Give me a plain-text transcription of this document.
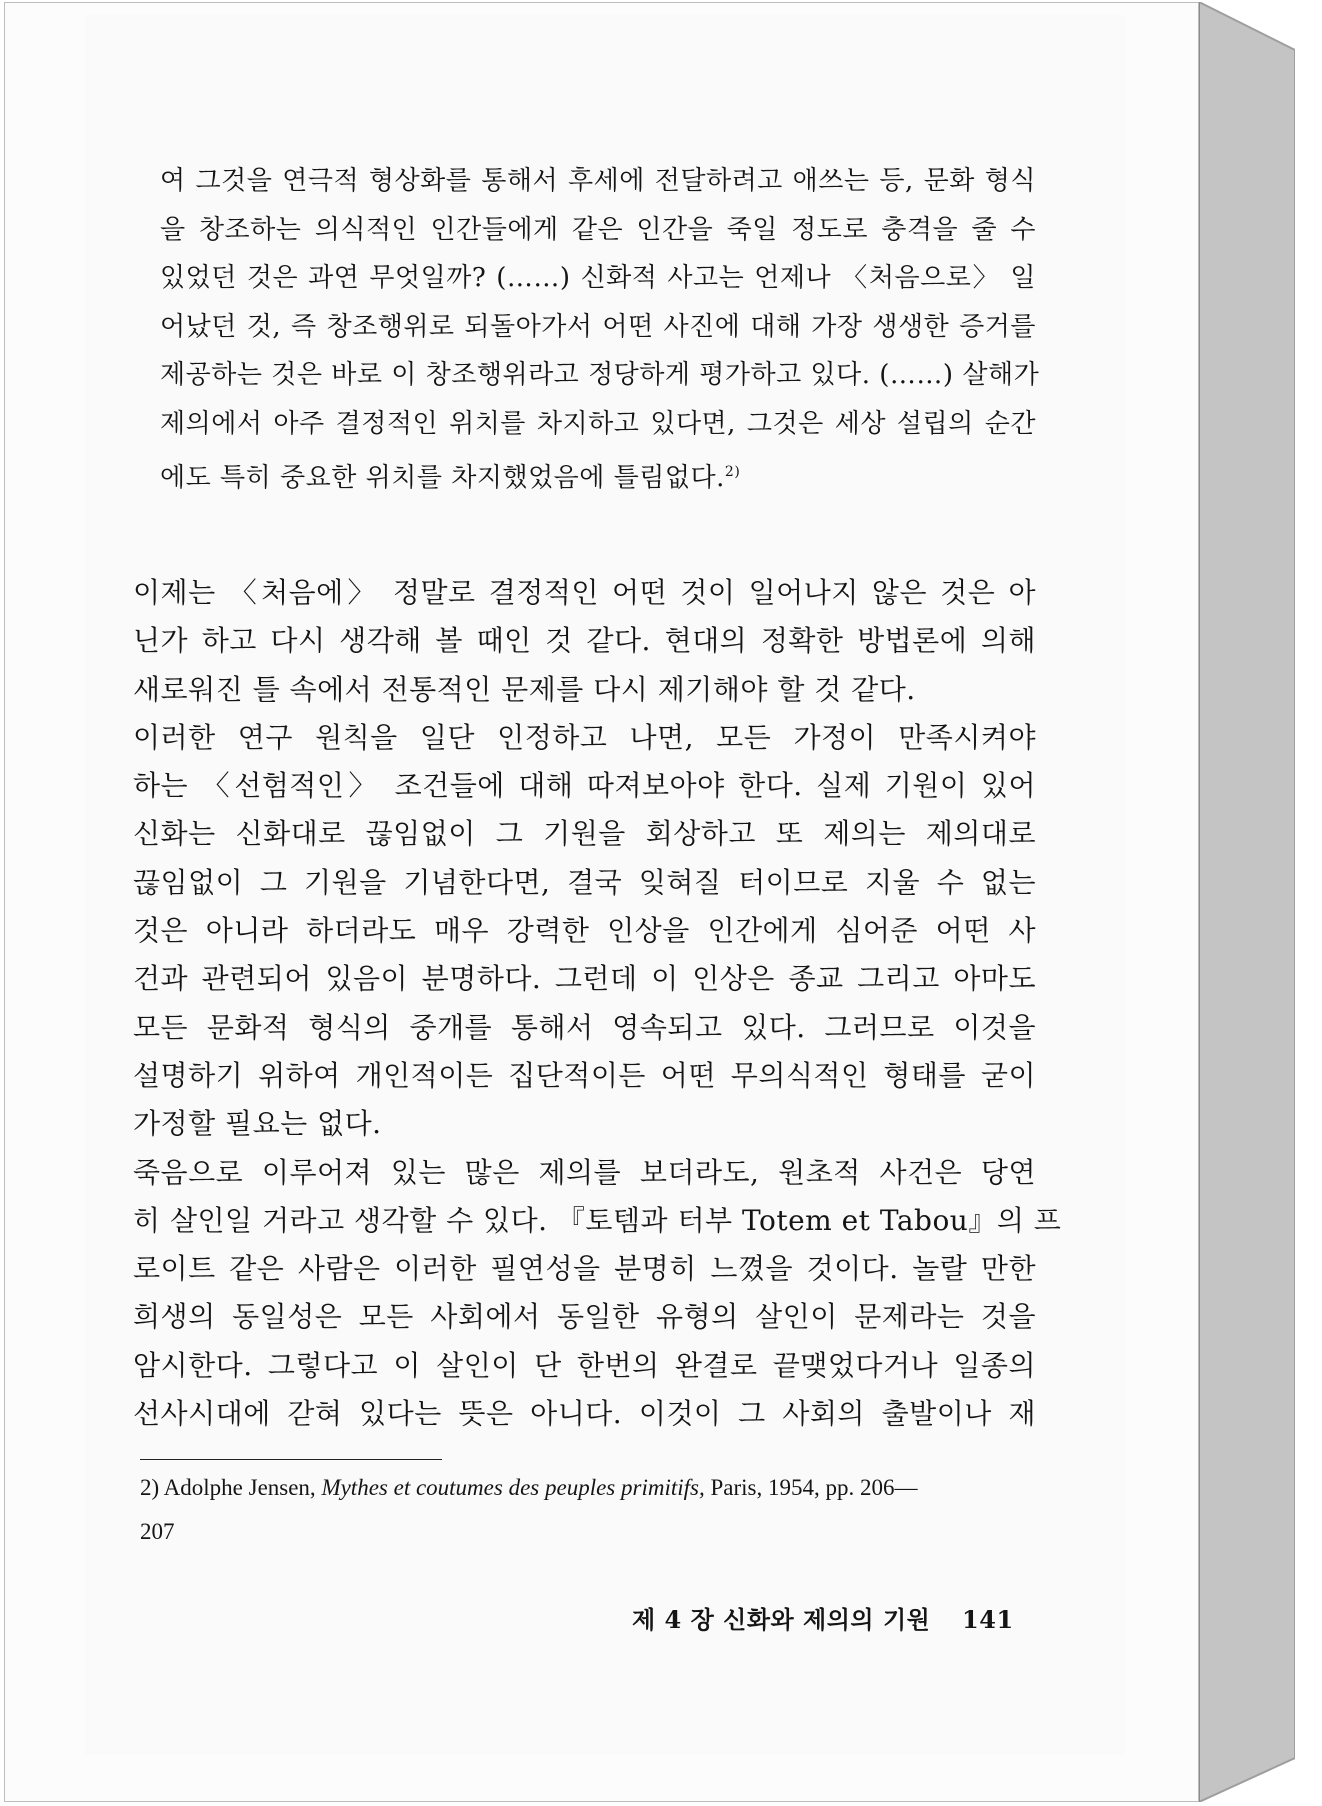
여 그것을 연극적 형상화를 통해서 후세에 전달하려고 애쓰는 등, 문화 형식
을 창조하는 의식적인 인간들에게 같은 인간을 죽일 정도로 충격을 줄 수
있었던 것은 과연 무엇일까? (……) 신화적 사고는 언제나 〈처음으로〉 일
어났던 것, 즉 창조행위로 되돌아가서 어떤 사진에 대해 가장 생생한 증거를
제공하는 것은 바로 이 창조행위라고 정당하게 평가하고 있다. (……) 살해가
제의에서 아주 결정적인 위치를 차지하고 있다면, 그것은 세상 설립의 순간
에도 특히 중요한 위치를 차지했었음에 틀림없다.$^{2)}$
이제는 〈처음에〉 정말로 결정적인 어떤 것이 일어나지 않은 것은 아
닌가 하고 다시 생각해 볼 때인 것 같다. 현대의 정확한 방법론에 의해
새로워진 틀 속에서 전통적인 문제를 다시 제기해야 할 것 같다.
이러한 연구 원칙을 일단 인정하고 나면, 모든 가정이 만족시켜야
하는 〈선험적인〉 조건들에 대해 따져보아야 한다. 실제 기원이 있어
신화는 신화대로 끊임없이 그 기원을 회상하고 또 제의는 제의대로
끊임없이 그 기원을 기념한다면, 결국 잊혀질 터이므로 지울 수 없는
것은 아니라 하더라도 매우 강력한 인상을 인간에게 심어준 어떤 사
건과 관련되어 있음이 분명하다. 그런데 이 인상은 종교 그리고 아마도
모든 문화적 형식의 중개를 통해서 영속되고 있다. 그러므로 이것을
설명하기 위하여 개인적이든 집단적이든 어떤 무의식적인 형태를 굳이
가정할 필요는 없다.
죽음으로 이루어져 있는 많은 제의를 보더라도, 원초적 사건은 당연
히 살인일 거라고 생각할 수 있다. 『토템과 터부 Totem et Tabou』의 프
로이트 같은 사람은 이러한 필연성을 분명히 느꼈을 것이다. 놀랄 만한
희생의 동일성은 모든 사회에서 동일한 유형의 살인이 문제라는 것을
암시한다. 그렇다고 이 살인이 단 한번의 완결로 끝맺었다거나 일종의
선사시대에 갇혀 있다는 뜻은 아니다. 이것이 그 사회의 출발이나 재
2) Adolphe Jensen, Mythes et coutumes des peuples primitifs, Paris, 1954, pp. 206—
207
제 4 장 신화와 제의의 기원 141
